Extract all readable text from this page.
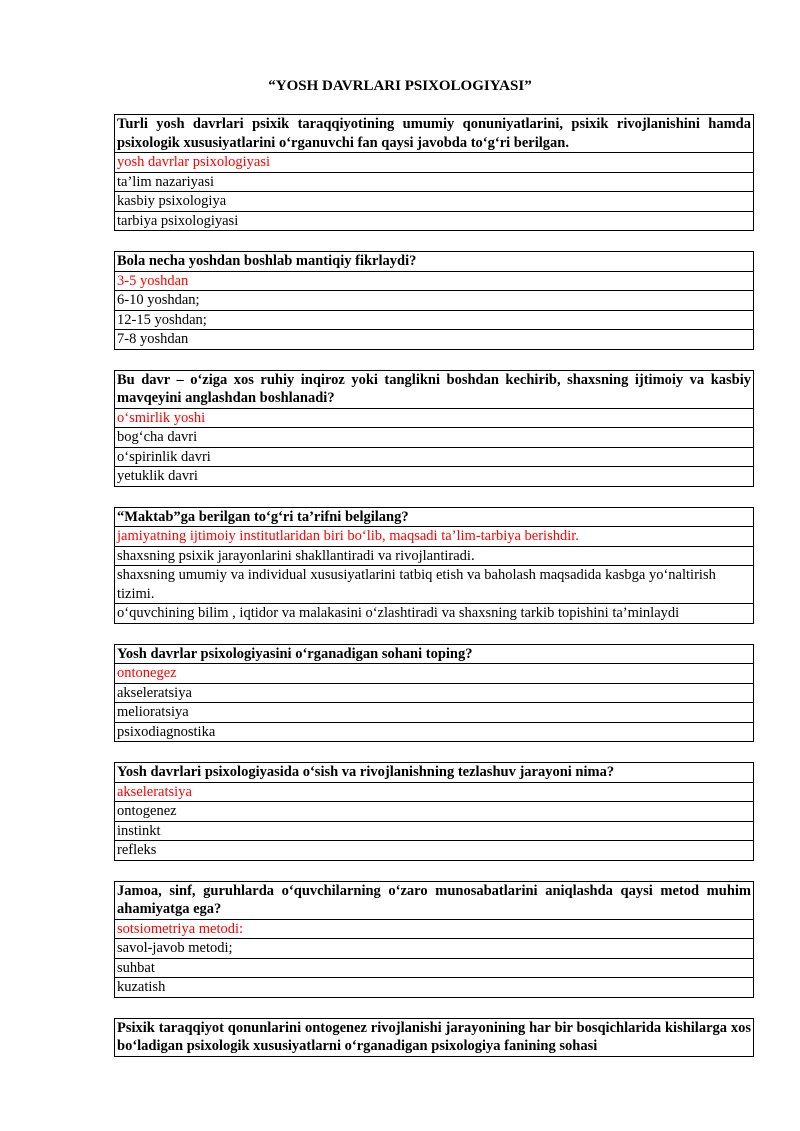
“YOSH DAVRLARI PSIXOLOGIYASI”
Turli yosh davrlari psixik taraqqiyotining umumiy qonuniyatlarini, psixik rivojlanishini hamda psixologik xususiyatlarini o‘rganuvchi fan qaysi javobda to‘g‘ri berilgan.
yosh davrlar psixologiyasi
ta’lim nazariyasi
kasbiy psixologiya
tarbiya psixologiyasi
Bola necha yoshdan boshlab mantiqiy fikrlaydi?
3-5 yoshdan
6-10 yoshdan;
12-15 yoshdan;
7-8 yoshdan
Bu davr – o‘ziga xos ruhiy inqiroz yoki tanglikni boshdan kechirib, shaxsning ijtimoiy va kasbiy mavqeyini anglashdan boshlanadi?
o‘smirlik yoshi
bog‘cha davri
o‘spirinlik davri
yetuklik davri
“Maktab”ga berilgan to‘g‘ri ta’rifni belgilang?
jamiyatning ijtimoiy institutlaridan biri bo‘lib, maqsadi ta’lim-tarbiya berishdir.
shaxsning psixik jarayonlarini shakllantiradi va rivojlantiradi.
shaxsning umumiy va individual xususiyatlarini tatbiq etish va baholash maqsadida kasbga yo‘naltirish tizimi.
o‘quvchining bilim , iqtidor va malakasini o‘zlashtiradi va shaxsning tarkib topishini ta’minlaydi
Yosh davrlar psixologiyasini o‘rganadigan sohani toping?
ontonegez
akseleratsiya
melioratsiya
psixodiagnostika
Yosh davrlari psixologiyasida o‘sish va rivojlanishning tezlashuv jarayoni nima?
akseleratsiya
ontogenez
instinkt
refleks
Jamoa, sinf, guruhlarda o‘quvchilarning o‘zaro munosabatlarini aniqlashda qaysi metod muhim ahamiyatga ega?
sotsiometriya metodi:
savol-javob metodi;
suhbat
kuzatish
Psixik taraqqiyot qonunlarini ontogenez rivojlanishi jarayonining har bir bosqichlarida kishilarga xos bo‘ladigan psixologik xususiyatlarni o‘rganadigan psixologiya fanining sohasi
